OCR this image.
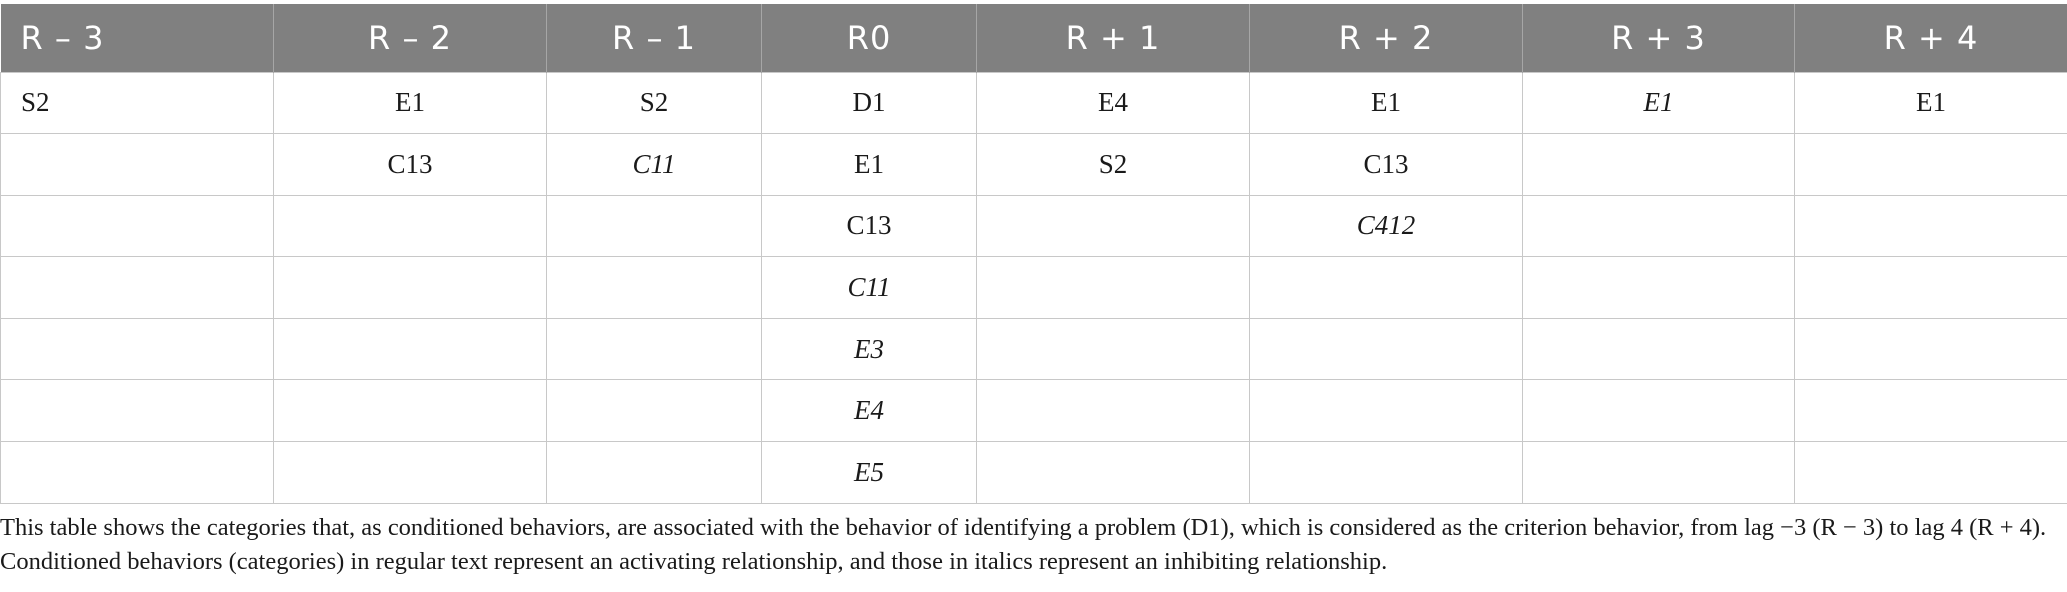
R – 3	R – 2	R – 1	R0	R + 1	R + 2	R + 3	R + 4
S2	E1	S2	D1	E4	E1	E1	E1
	C13	C11	E1	S2	C13		
			C13		C412		
			C11				
			E3				
			E4				
			E5				

This table shows the categories that, as conditioned behaviors, are associated with the behavior of identifying a problem (D1), which is considered as the criterion behavior, from lag −3 (R − 3) to lag 4 (R + 4). Conditioned behaviors (categories) in regular text represent an activating relationship, and those in italics represent an inhibiting relationship.
